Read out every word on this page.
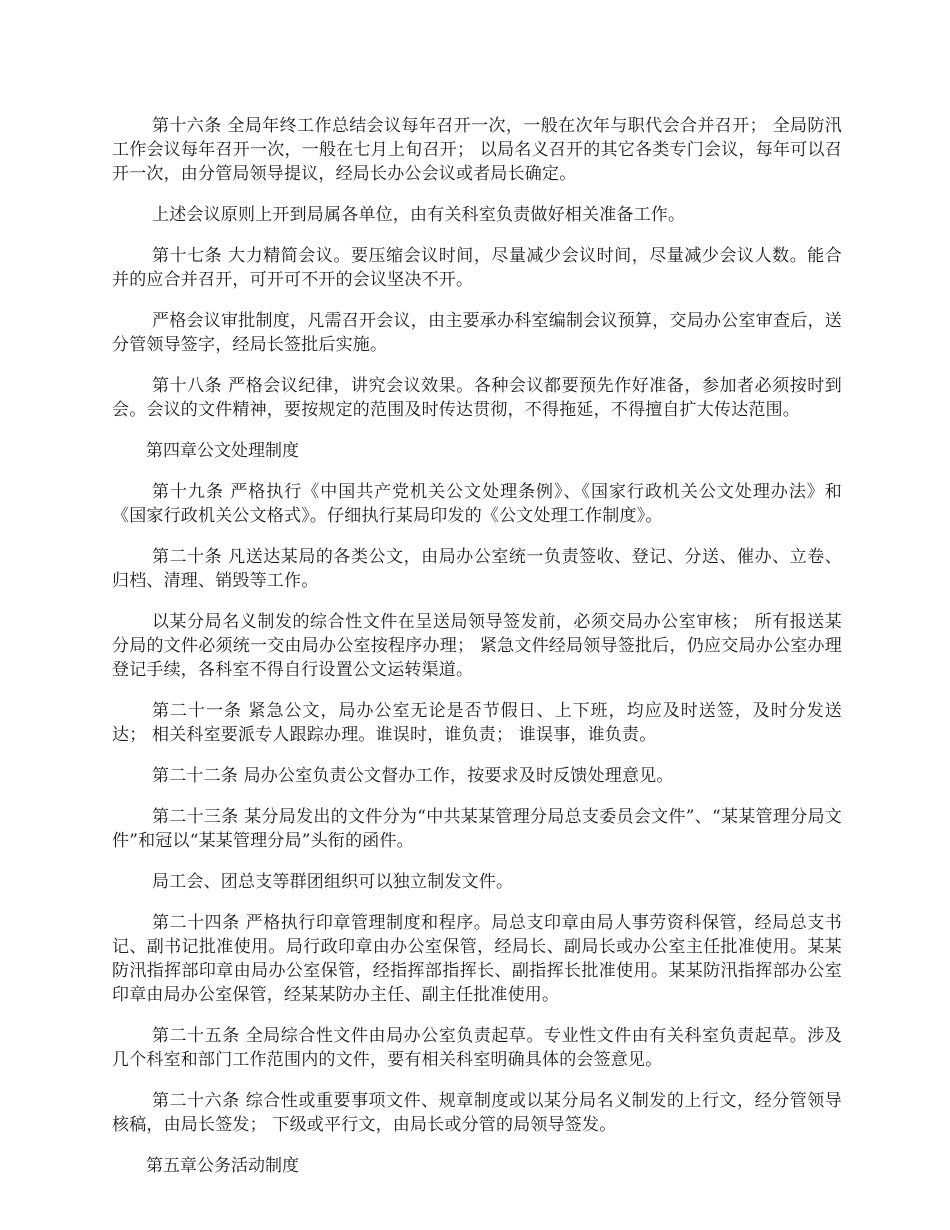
第十六条 全局年终工作总结会议每年召开一次，一般在次年与职代会合并召开； 全局防汛工作会议每年召开一次，一般在七月上旬召开； 以局名义召开的其它各类专门会议，每年可以召开一次，由分管局领导提议，经局长办公会议或者局长确定。

上述会议原则上开到局属各单位，由有关科室负责做好相关准备工作。

第十七条 大力精简会议。要压缩会议时间，尽量减少会议时间，尽量减少会议人数。能合并的应合并召开，可开可不开的会议坚决不开。

严格会议审批制度，凡需召开会议，由主要承办科室编制会议预算，交局办公室审查后，送分管领导签字，经局长签批后实施。

第十八条 严格会议纪律，讲究会议效果。各种会议都要预先作好准备，参加者必须按时到会。会议的文件精神，要按规定的范围及时传达贯彻，不得拖延，不得擅自扩大传达范围。

第四章公文处理制度

第十九条 严格执行《中国共产党机关公文处理条例》、《国家行政机关公文处理办法》和《国家行政机关公文格式》。仔细执行某局印发的《公文处理工作制度》。

第二十条 凡送达某局的各类公文，由局办公室统一负责签收、登记、分送、催办、立卷、归档、清理、销毁等工作。

以某分局名义制发的综合性文件在呈送局领导签发前，必须交局办公室审核； 所有报送某分局的文件必须统一交由局办公室按程序办理； 紧急文件经局领导签批后，仍应交局办公室办理登记手续，各科室不得自行设置公文运转渠道。

第二十一条 紧急公文，局办公室无论是否节假日、上下班，均应及时送签，及时分发送达； 相关科室要派专人跟踪办理。谁误时，谁负责； 谁误事，谁负责。

第二十二条 局办公室负责公文督办工作，按要求及时反馈处理意见。

第二十三条 某分局发出的文件分为“中共某某管理分局总支委员会文件”、“某某管理分局文件”和冠以“某某管理分局”头衔的函件。

局工会、团总支等群团组织可以独立制发文件。

第二十四条 严格执行印章管理制度和程序。局总支印章由局人事劳资科保管，经局总支书记、副书记批准使用。局行政印章由办公室保管，经局长、副局长或办公室主任批准使用。某某防汛指挥部印章由局办公室保管，经指挥部指挥长、副指挥长批准使用。某某防汛指挥部办公室印章由局办公室保管，经某某防办主任、副主任批准使用。

第二十五条 全局综合性文件由局办公室负责起草。专业性文件由有关科室负责起草。涉及几个科室和部门工作范围内的文件，要有相关科室明确具体的会签意见。

第二十六条 综合性或重要事项文件、规章制度或以某分局名义制发的上行文，经分管领导核稿，由局长签发； 下级或平行文，由局长或分管的局领导签发。

第五章公务活动制度
